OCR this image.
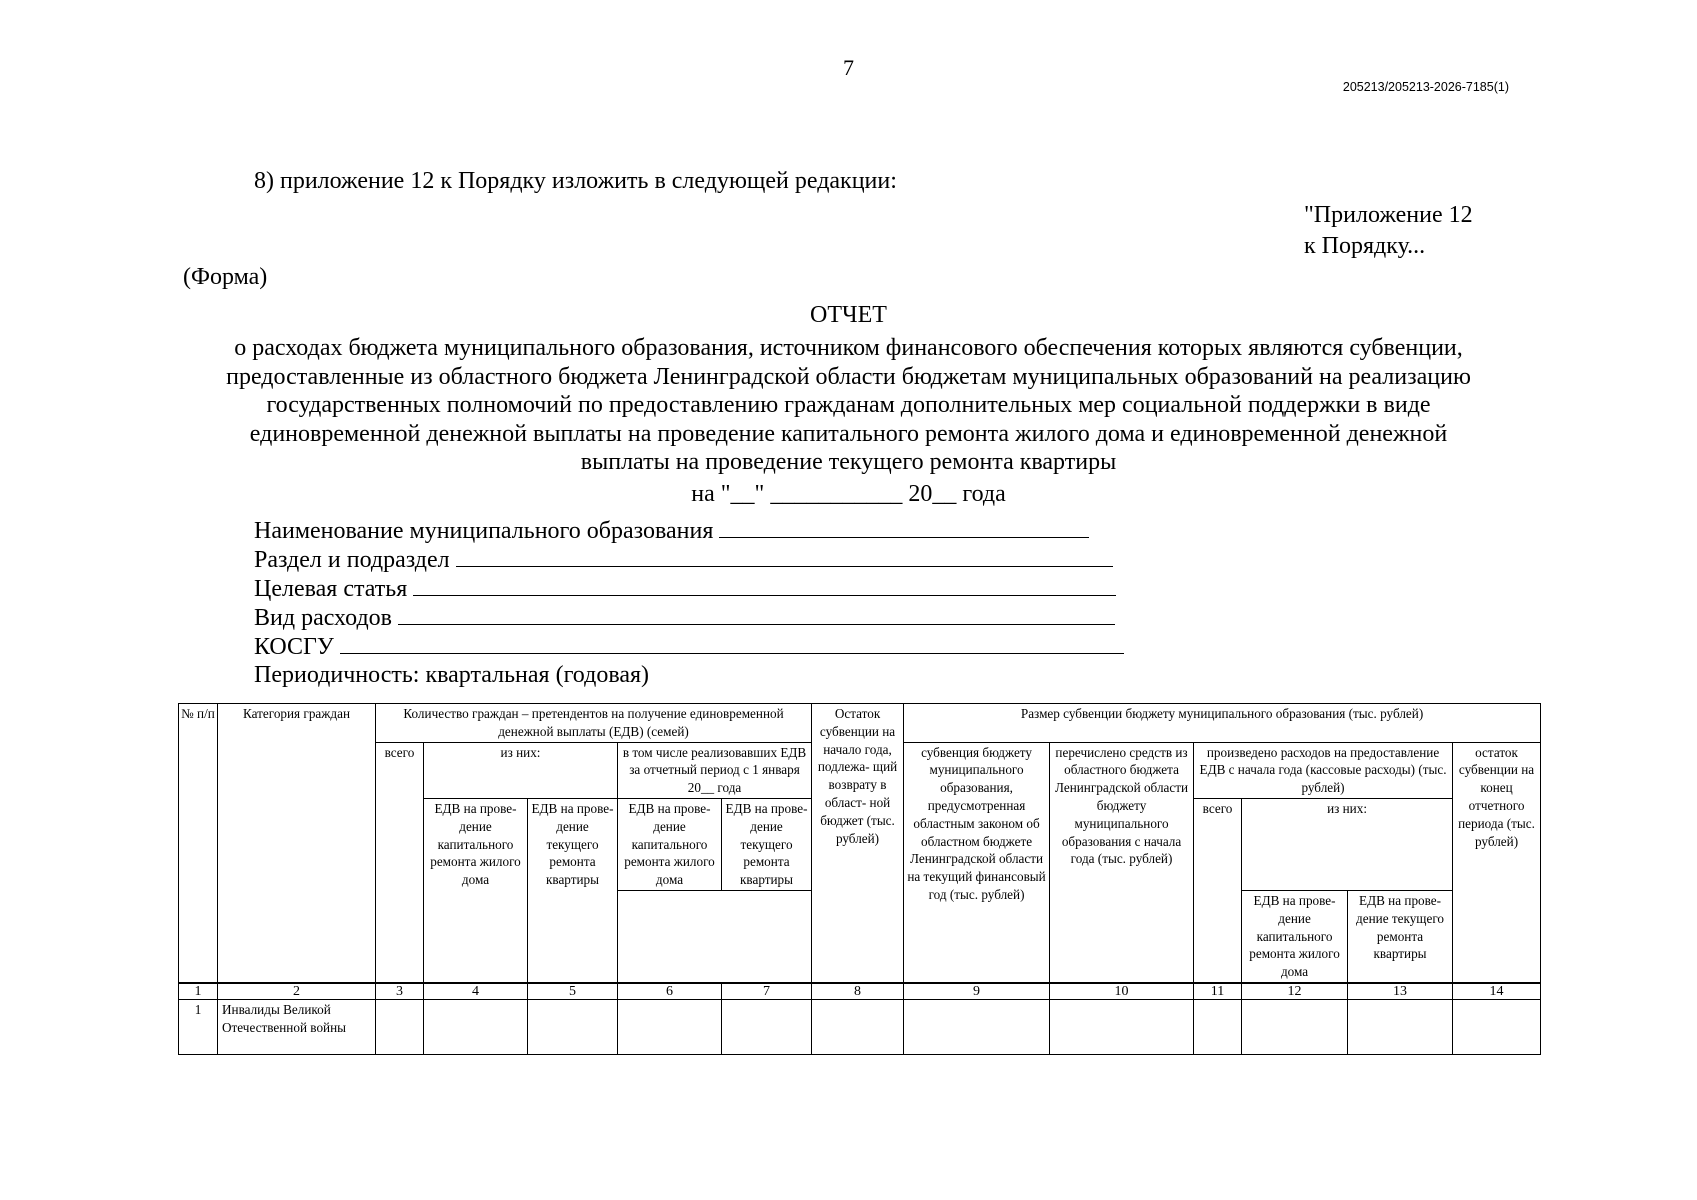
7
205213/205213-2026-7185(1)
8) приложение 12 к Порядку изложить в следующей редакции:
"Приложение 12
к Порядку...
(Форма)
ОТЧЕТ
о расходах бюджета муниципального образования, источником финансового обеспечения которых являются субвенции,
предоставленные из областного бюджета Ленинградской области бюджетам муниципальных образований на реализацию
государственных полномочий по предоставлению гражданам дополнительных мер социальной поддержки в виде
единовременной денежной выплаты на проведение капитального ремонта жилого дома и единовременной денежной
выплаты на проведение текущего ремонта квартиры
на "__" ___________ 20__ года
Наименование муниципального образования
Раздел и подраздел
Целевая статья
Вид расходов
КОСГУ
Периодичность: квартальная (годовая)
№ п/п	Категория граждан	Количество граждан – претендентов на получение единовременной денежной выплаты (ЕДВ) (семей)					Остаток субвенции на начало года, подлежа- щий возврату в област- ной бюджет (тыс. рублей)	Размер субвенции бюджету муниципального образования (тыс. рублей)					
		всего	из них:		в том числе реализовавших ЕДВ за отчетный период с 1 января 20__ года			субвенция бюджету муниципального образования, предусмотренная областным законом об областном бюджете Ленинградской области на текущий финансовый год (тыс. рублей)	перечислено средств из областного бюджета Ленинградской области бюджету муниципального образования с начала года (тыс. рублей)	произведено расходов на предоставление ЕДВ с начала года (кассовые расходы) (тыс. рублей)			остаток субвенции на конец отчетного периода (тыс. рублей)
			ЕДВ на прове- дение капитального ремонта жилого дома	ЕДВ на прове- дение текущего ремонта квартиры	ЕДВ на прове- дение капитального ремонта жилого дома	ЕДВ на прове- дение текущего ремонта квартиры				всего	из них:		
											ЕДВ на прове- дение капитального ремонта жилого дома	ЕДВ на прове- дение текущего ремонта квартиры	
1	2	3	4	5	6	7	8	9	10	11	12	13	14
1	Инвалиды Великой Отечественной войны												
